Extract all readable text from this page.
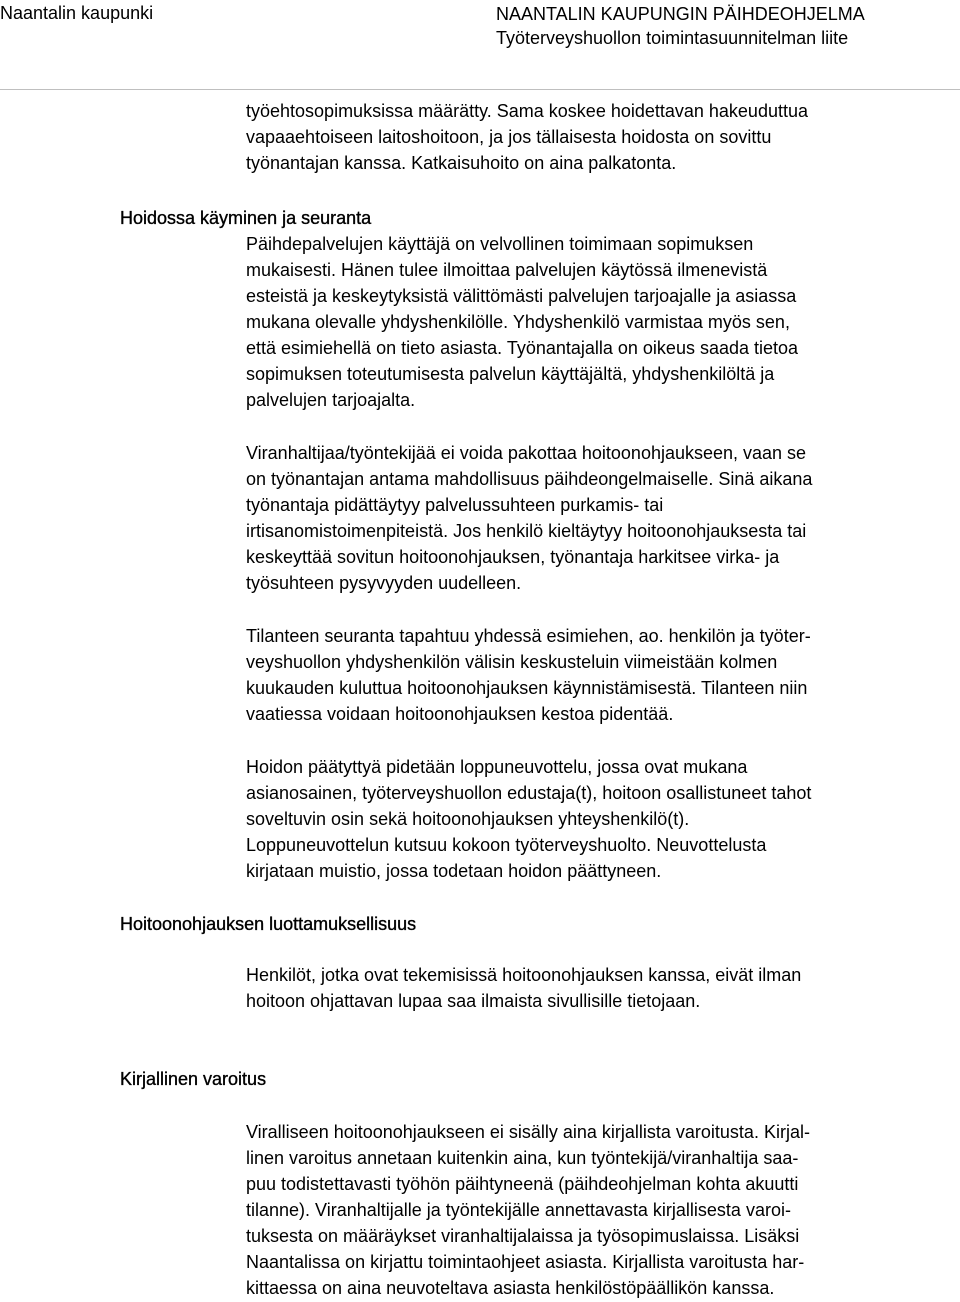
Naantalin kaupunki	NAANTALIN KAUPUNGIN PÄIHDEOHJELMA
Työterveyshuollon toimintasuunnitelman liite

työehtosopimuksissa määrätty. Sama koskee hoidettavan hakeuduttua
vapaaehtoiseen laitoshoitoon, ja jos tällaisesta hoidosta on sovittu
työnantajan kanssa. Katkaisuhoito on aina palkatonta.

Hoidossa käyminen ja seuranta

Päihdepalvelujen käyttäjä on velvollinen toimimaan sopimuksen
mukaisesti. Hänen tulee ilmoittaa palvelujen käytössä ilmenevistä
esteistä ja keskeytyksistä välittömästi palvelujen tarjoajalle ja asiassa
mukana olevalle yhdyshenkilölle. Yhdyshenkilö varmistaa myös sen,
että esimiehellä on tieto asiasta. Työnantajalla on oikeus saada tietoa
sopimuksen toteutumisesta palvelun käyttäjältä, yhdyshenkilöltä ja
palvelujen tarjoajalta.

Viranhaltijaa/työntekijää ei voida pakottaa hoitoonohjaukseen, vaan se
on työnantajan antama mahdollisuus päihdeongelmaiselle. Sinä aikana
työnantaja pidättäytyy palvelussuhteen purkamis- tai
irtisanomistoimenpiteistä. Jos henkilö kieltäytyy hoitoonohjauksesta tai
keskeyttää sovitun hoitoonohjauksen, työnantaja harkitsee virka- ja
työsuhteen pysyvyyden uudelleen.

Tilanteen seuranta tapahtuu yhdessä esimiehen, ao. henkilön ja työter-
veyshuollon yhdyshenkilön välisin keskusteluin viimeistään kolmen
kuukauden kuluttua hoitoonohjauksen käynnistämisestä. Tilanteen niin
vaatiessa voidaan hoitoonohjauksen kestoa pidentää.

Hoidon päätyttyä pidetään loppuneuvottelu, jossa ovat mukana
asianosainen, työterveyshuollon edustaja(t), hoitoon osallistuneet tahot
soveltuvin osin sekä hoitoonohjauksen yhteyshenkilö(t).
Loppuneuvottelun kutsuu kokoon työterveyshuolto. Neuvottelusta
kirjataan muistio, jossa todetaan hoidon päättyneen.

Hoitoonohjauksen luottamuksellisuus

Henkilöt, jotka ovat tekemisissä hoitoonohjauksen kanssa, eivät ilman
hoitoon ohjattavan lupaa saa ilmaista sivullisille tietojaan.

Kirjallinen varoitus

Viralliseen hoitoonohjaukseen ei sisälly aina kirjallista varoitusta. Kirjal-
linen varoitus annetaan kuitenkin aina, kun työntekijä/viranhaltija saa-
puu todistettavasti työhön päihtyneenä (päihdeohjelman kohta akuutti
tilanne). Viranhaltijalle ja työntekijälle annettavasta kirjallisesta varoi-
tuksesta on määräykset viranhaltijalaissa ja työsopimuslaissa. Lisäksi
Naantalissa on kirjattu toimintaohjeet asiasta. Kirjallista varoitusta har-
kittaessa on aina neuvoteltava asiasta henkilöstöpäällikön kanssa.
